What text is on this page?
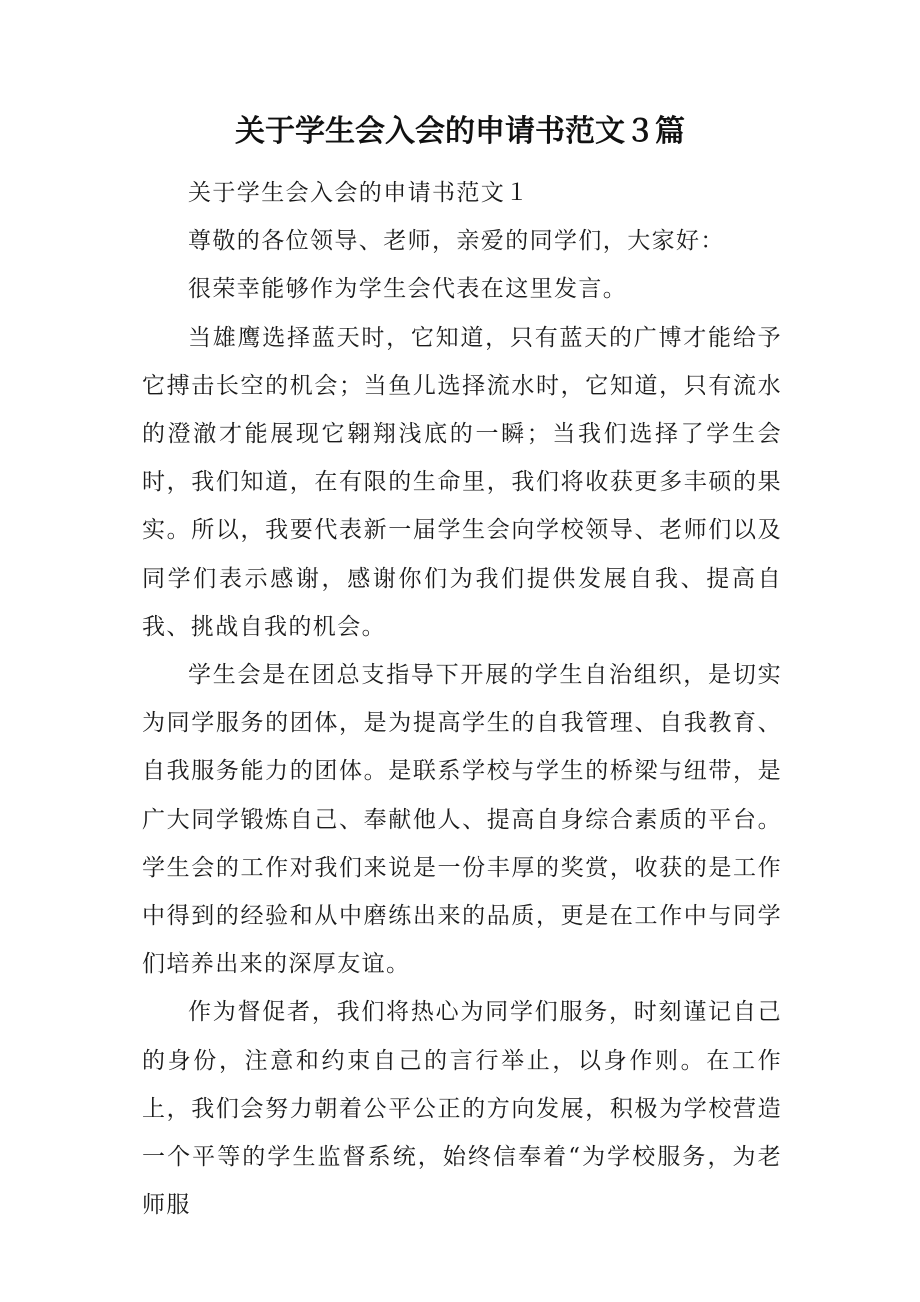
关于学生会入会的申请书范文３篇

关于学生会入会的申请书范文１

尊敬的各位领导、老师，亲爱的同学们，大家好：

很荣幸能够作为学生会代表在这里发言。

当雄鹰选择蓝天时，它知道，只有蓝天的广博才能给予它搏击长空的机会；当鱼儿选择流水时，它知道，只有流水的澄澈才能展现它翱翔浅底的一瞬；当我们选择了学生会时，我们知道，在有限的生命里，我们将收获更多丰硕的果实。所以，我要代表新一届学生会向学校领导、老师们以及同学们表示感谢，感谢你们为我们提供发展自我、提高自我、挑战自我的机会。

学生会是在团总支指导下开展的学生自治组织，是切实为同学服务的团体，是为提高学生的自我管理、自我教育、自我服务能力的团体。是联系学校与学生的桥梁与纽带，是广大同学锻炼自己、奉献他人、提高自身综合素质的平台。学生会的工作对我们来说是一份丰厚的奖赏，收获的是工作中得到的经验和从中磨练出来的品质，更是在工作中与同学们培养出来的深厚友谊。

作为督促者，我们将热心为同学们服务，时刻谨记自己的身份，注意和约束自己的言行举止，以身作则。在工作上，我们会努力朝着公平公正的方向发展，积极为学校营造一个平等的学生监督系统，始终信奉着“为学校服务，为老师服
